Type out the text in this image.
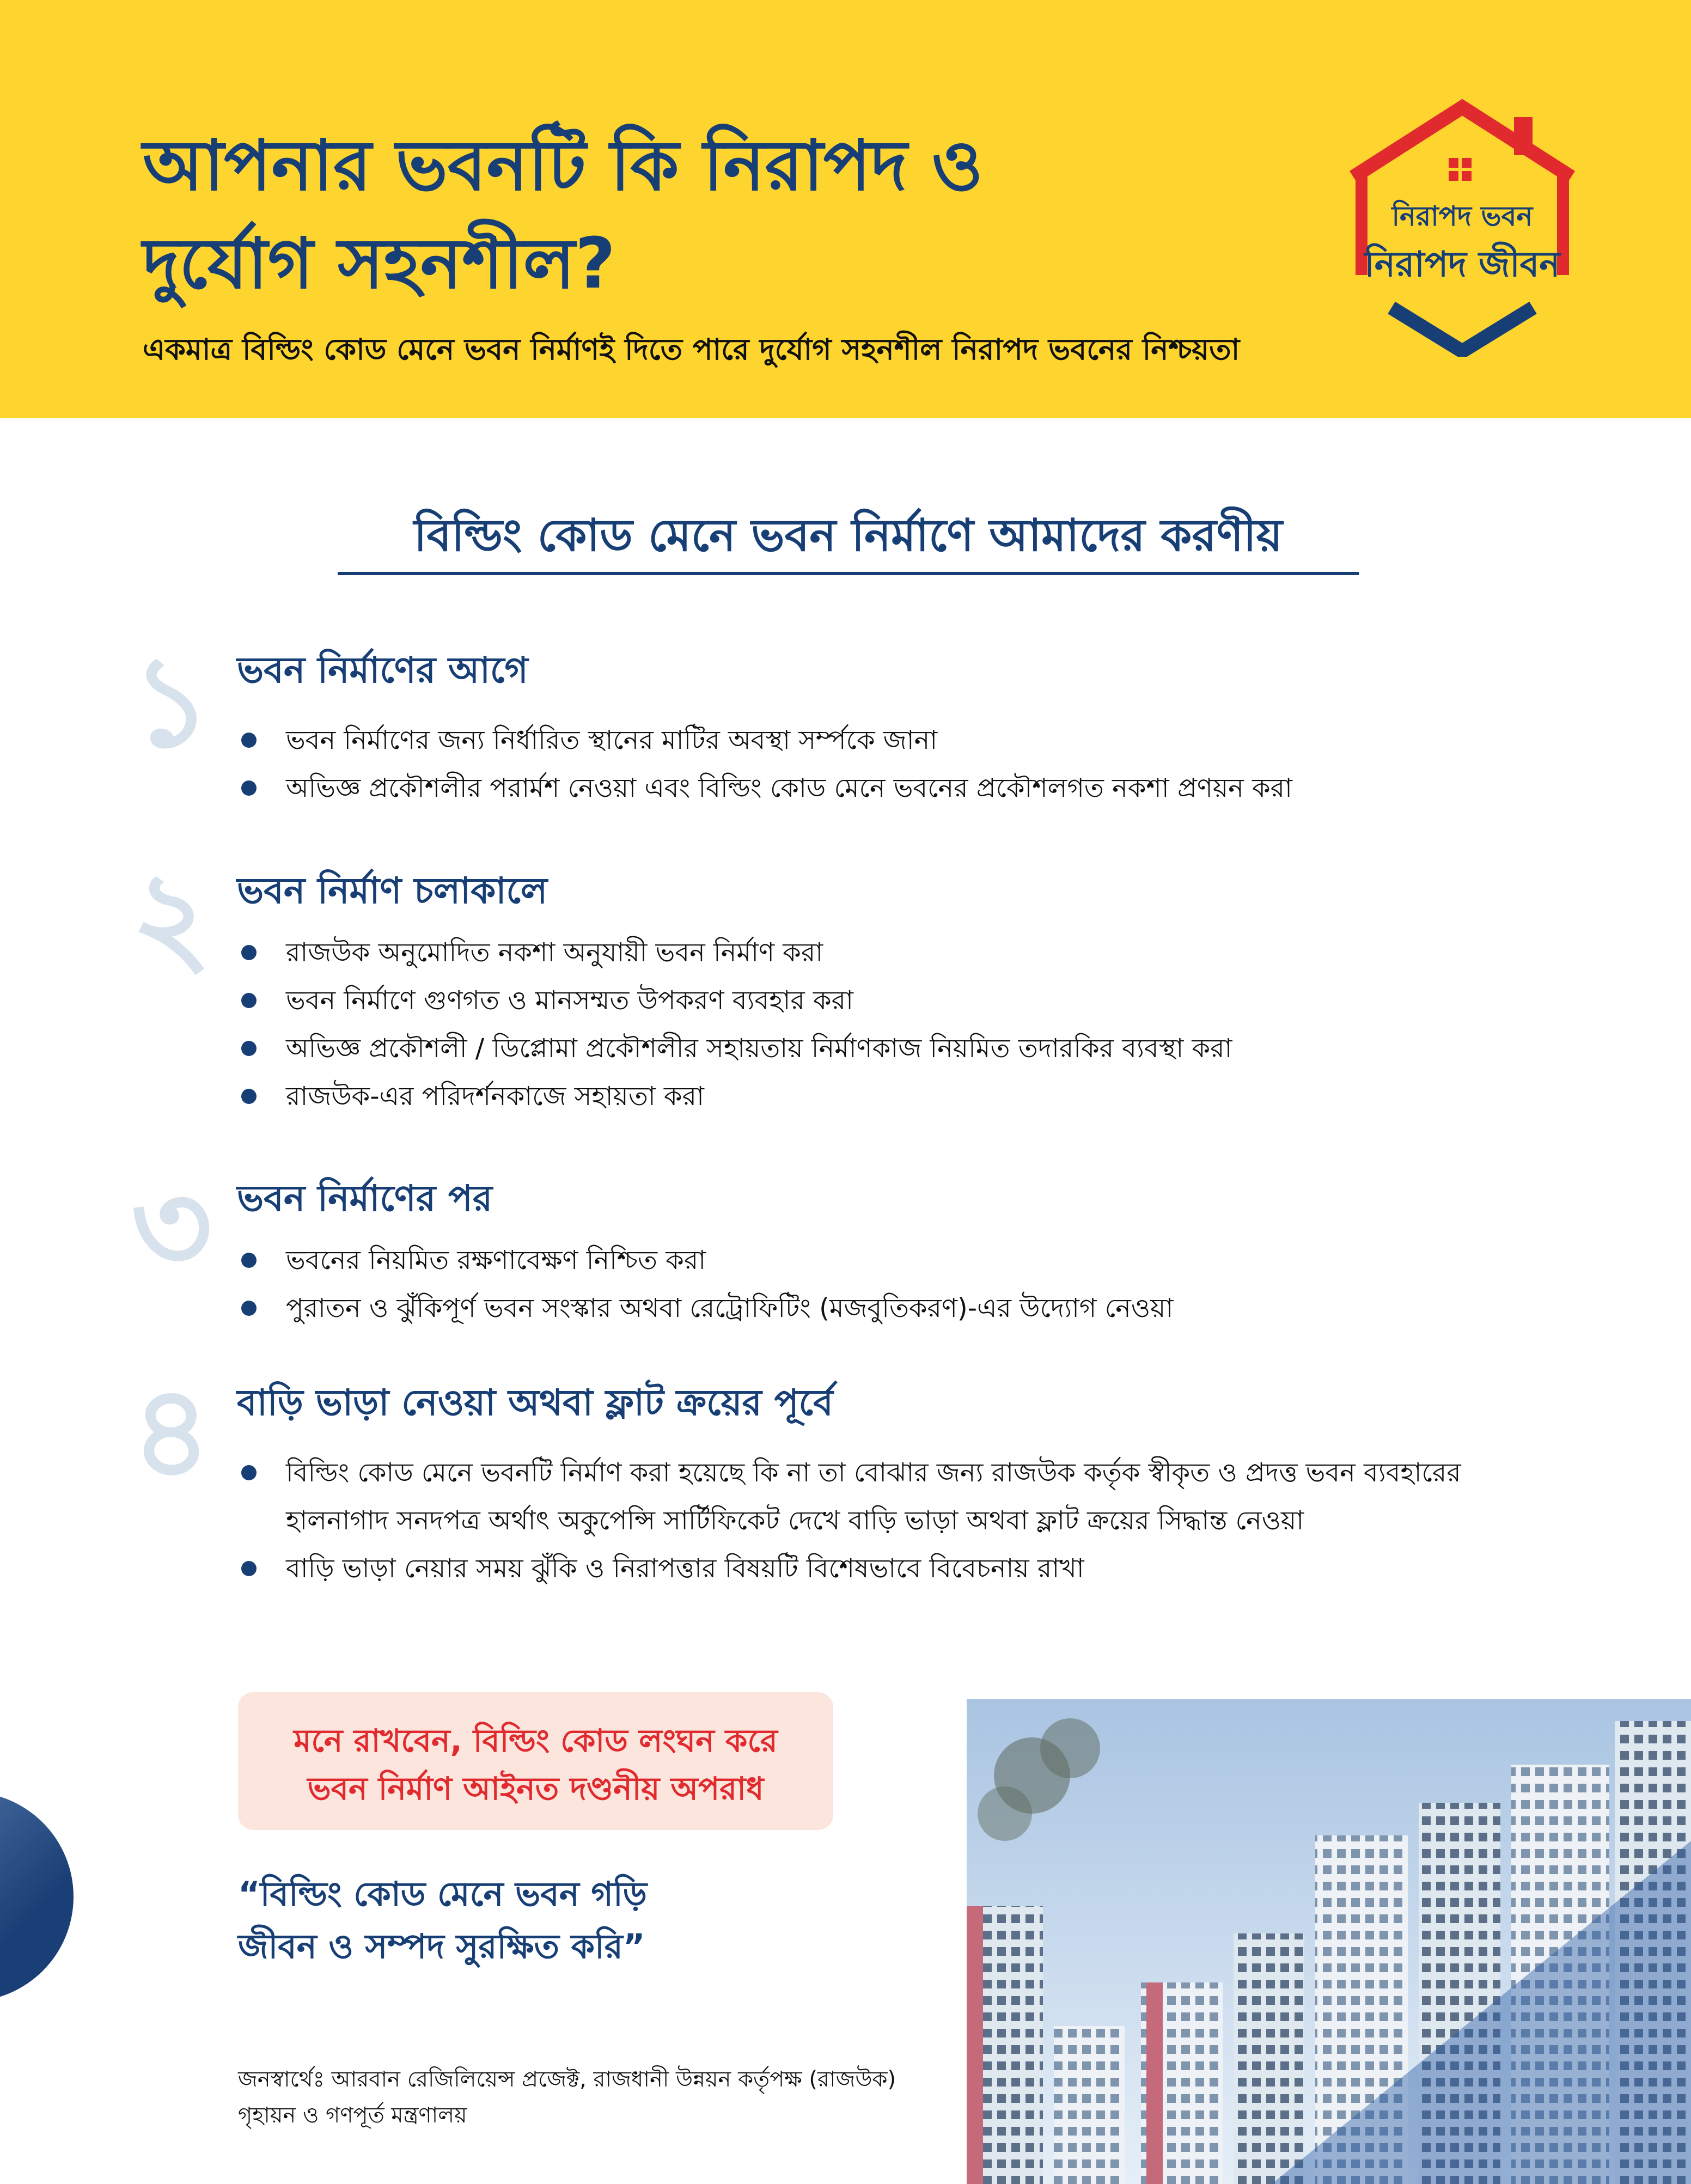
আপনার ভবনটি কি নিরাপদ ও
দুর্যোগ সহনশীল?
একমাত্র বিল্ডিং কোড মেনে ভবন নির্মাণই দিতে পারে দুর্যোগ সহনশীল নিরাপদ ভবনের নিশ্চয়তা
নিরাপদ ভবন
নিরাপদ জীবন
বিল্ডিং কোড মেনে ভবন নির্মাণে আমাদের করণীয়
১ ভবন নির্মাণের আগে
ভবন নির্মাণের জন্য নির্ধারিত স্থানের মাটির অবস্থা সর্ম্পকে জানা
অভিজ্ঞ প্রকৌশলীর পরার্মশ নেওয়া এবং বিল্ডিং কোড মেনে ভবনের প্রকৌশলগত নকশা প্রণয়ন করা
২ ভবন নির্মাণ চলাকালে
রাজউক অনুমোদিত নকশা অনুযায়ী ভবন নির্মাণ করা
ভবন নির্মাণে গুণগত ও মানসম্মত উপকরণ ব্যবহার করা
অভিজ্ঞ প্রকৌশলী / ডিপ্লোমা প্রকৌশলীর সহায়তায় নির্মাণকাজ নিয়মিত তদারকির ব্যবস্থা করা
রাজউক-এর পরিদর্শনকাজে সহায়তা করা
৩ ভবন নির্মাণের পর
ভবনের নিয়মিত রক্ষণাবেক্ষণ নিশ্চিত করা
পুরাতন ও ঝুঁকিপূর্ণ ভবন সংস্কার অথবা রেট্রোফিটিং (মজবুতিকরণ)-এর উদ্যোগ নেওয়া
৪ বাড়ি ভাড়া নেওয়া অথবা ফ্লাট ক্রয়ের পূর্বে
বিল্ডিং কোড মেনে ভবনটি নির্মাণ করা হয়েছে কি না তা বোঝার জন্য রাজউক কর্তৃক স্বীকৃত ও প্রদত্ত ভবন ব্যবহারের হালনাগাদ সনদপত্র অর্থাৎ অকুপেন্সি সার্টিফিকেট দেখে বাড়ি ভাড়া অথবা ফ্লাট ক্রয়ের সিদ্ধান্ত নেওয়া
বাড়ি ভাড়া নেয়ার সময় ঝুঁকি ও নিরাপত্তার বিষয়টি বিশেষভাবে বিবেচনায় রাখা
মনে রাখবেন, বিল্ডিং কোড লংঘন করে
ভবন নির্মাণ আইনত দণ্ডনীয় অপরাধ
“বিল্ডিং কোড মেনে ভবন গড়ি
জীবন ও সম্পদ সুরক্ষিত করি”
জনস্বার্থেঃ আরবান রেজিলিয়েন্স প্রজেক্ট, রাজধানী উন্নয়ন কর্তৃপক্ষ (রাজউক)
গৃহায়ন ও গণপূর্ত মন্ত্রণালয়
